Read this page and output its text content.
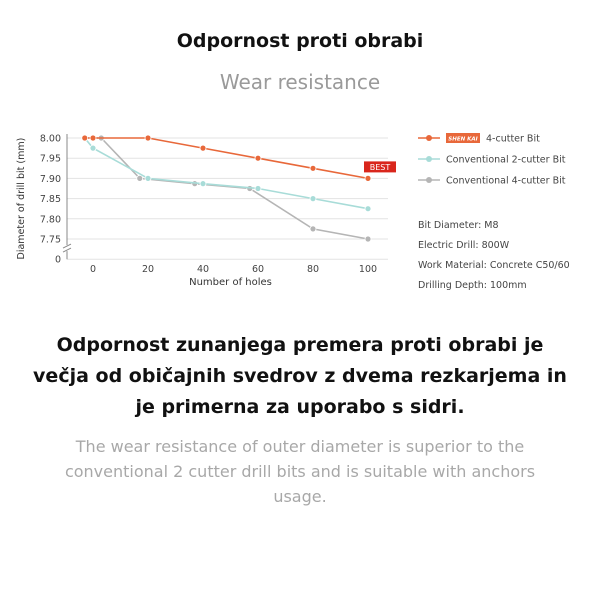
Odpornost proti obrabi
Wear resistance
8.00
7.95
7.90
7.85
7.80
7.75
0
0	20	40	60	80	100
Number of holes
Diameter of drill bit (mm)	BEST
SHEN KAI 4-cutter Bit
Conventional 2-cutter Bit
Conventional 4-cutter Bit
Bit Diameter: M8
Electric Drill: 800W
Work Material: Concrete C50/60
Drilling Depth: 100mm
Odpornost zunanjega premera proti obrabi je večja od običajnih svedrov z dvema rezkarjema in je primerna za uporabo s sidri.
The wear resistance of outer diameter is superior to the conventional 2 cutter drill bits and is suitable with anchors usage.
